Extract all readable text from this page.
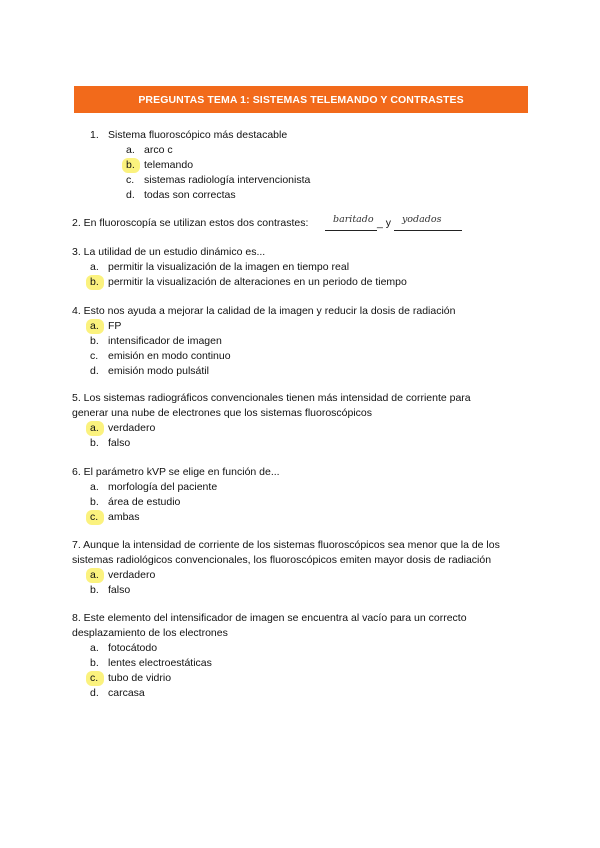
PREGUNTAS TEMA 1: SISTEMAS TELEMANDO Y CONTRASTES
1. Sistema fluoroscópico más destacable
a. arco c
b. telemando
c. sistemas radiología intervencionista
d. todas son correctas
2. En fluoroscopía se utilizan estos dos contrastes:	baritado _ y yodados
3. La utilidad de un estudio dinámico es...
a. permitir la visualización de la imagen en tiempo real
b. permitir la visualización de alteraciones en un periodo de tiempo
4. Esto nos ayuda a mejorar la calidad de la imagen y reducir la dosis de radiación
a. FP
b. intensificador de imagen
c. emisión en modo continuo
d. emisión modo pulsátil
5. Los sistemas radiográficos convencionales tienen más intensidad de corriente para
generar una nube de electrones que los sistemas fluoroscópicos
a. verdadero
b. falso
6. El parámetro kVP se elige en función de...
a. morfología del paciente
b. área de estudio
c. ambas
7. Aunque la intensidad de corriente de los sistemas fluoroscópicos sea menor que la de los
sistemas radiológicos convencionales, los fluoroscópicos emiten mayor dosis de radiación
a. verdadero
b. falso
8. Este elemento del intensificador de imagen se encuentra al vacío para un correcto
desplazamiento de los electrones
a. fotocátodo
b. lentes electroestáticas
c. tubo de vidrio
d. carcasa
